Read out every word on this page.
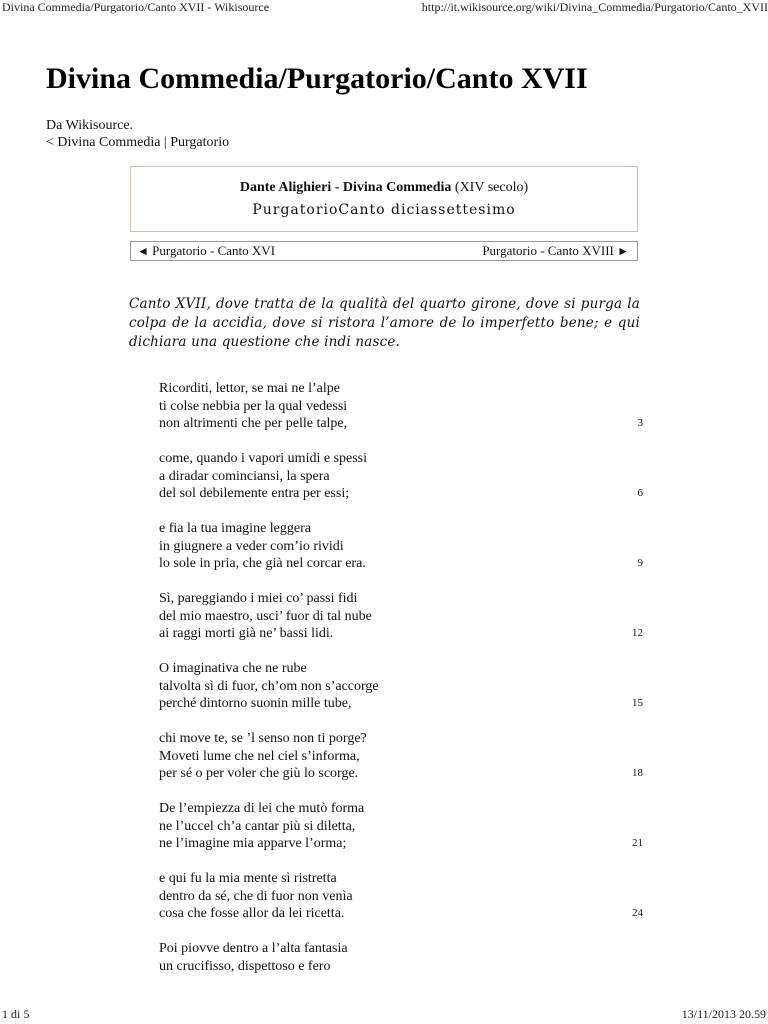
Divina Commedia/Purgatorio/Canto XVII - Wikisource	http://it.wikisource.org/wiki/Divina_Commedia/Purgatorio/Canto_XVII
Divina Commedia/Purgatorio/Canto XVII
Da Wikisource.
< Divina Commedia | Purgatorio
Dante Alighieri - Divina Commedia (XIV secolo)
PurgatorioCanto diciassettesimo
◄ Purgatorio - Canto XVI	Purgatorio - Canto XVIII ►
Canto XVII, dove tratta de la qualità del quarto girone, dove si purga la colpa de la accidia, dove si ristora l’amore de lo imperfetto bene; e qui dichiara una questione che indi nasce.
Ricorditi, lettor, se mai ne l’alpe
ti colse nebbia per la qual vedessi
non altrimenti che per pelle talpe,	3
come, quando i vapori umidi e spessi
a diradar cominciansi, la spera
del sol debilemente entra per essi;	6
e fia la tua imagine leggera
in giugnere a veder com’io rividi
lo sole in pria, che già nel corcar era.	9
Sì, pareggiando i miei co’ passi fidi
del mio maestro, usci’ fuor di tal nube
ai raggi morti già ne’ bassi lidi.	12
O imaginativa che ne rube
talvolta sì di fuor, ch’om non s’accorge
perché dintorno suonin mille tube,	15
chi move te, se ’l senso non ti porge?
Moveti lume che nel ciel s’informa,
per sé o per voler che giù lo scorge.	18
De l’empiezza di lei che mutò forma
ne l’uccel ch’a cantar più si diletta,
ne l’imagine mia apparve l’orma;	21
e qui fu la mia mente sì ristretta
dentro da sé, che di fuor non venìa
cosa che fosse allor da lei ricetta.	24
Poi piovve dentro a l’alta fantasia
un crucifisso, dispettoso e fero
1 di 5	13/11/2013 20.59
